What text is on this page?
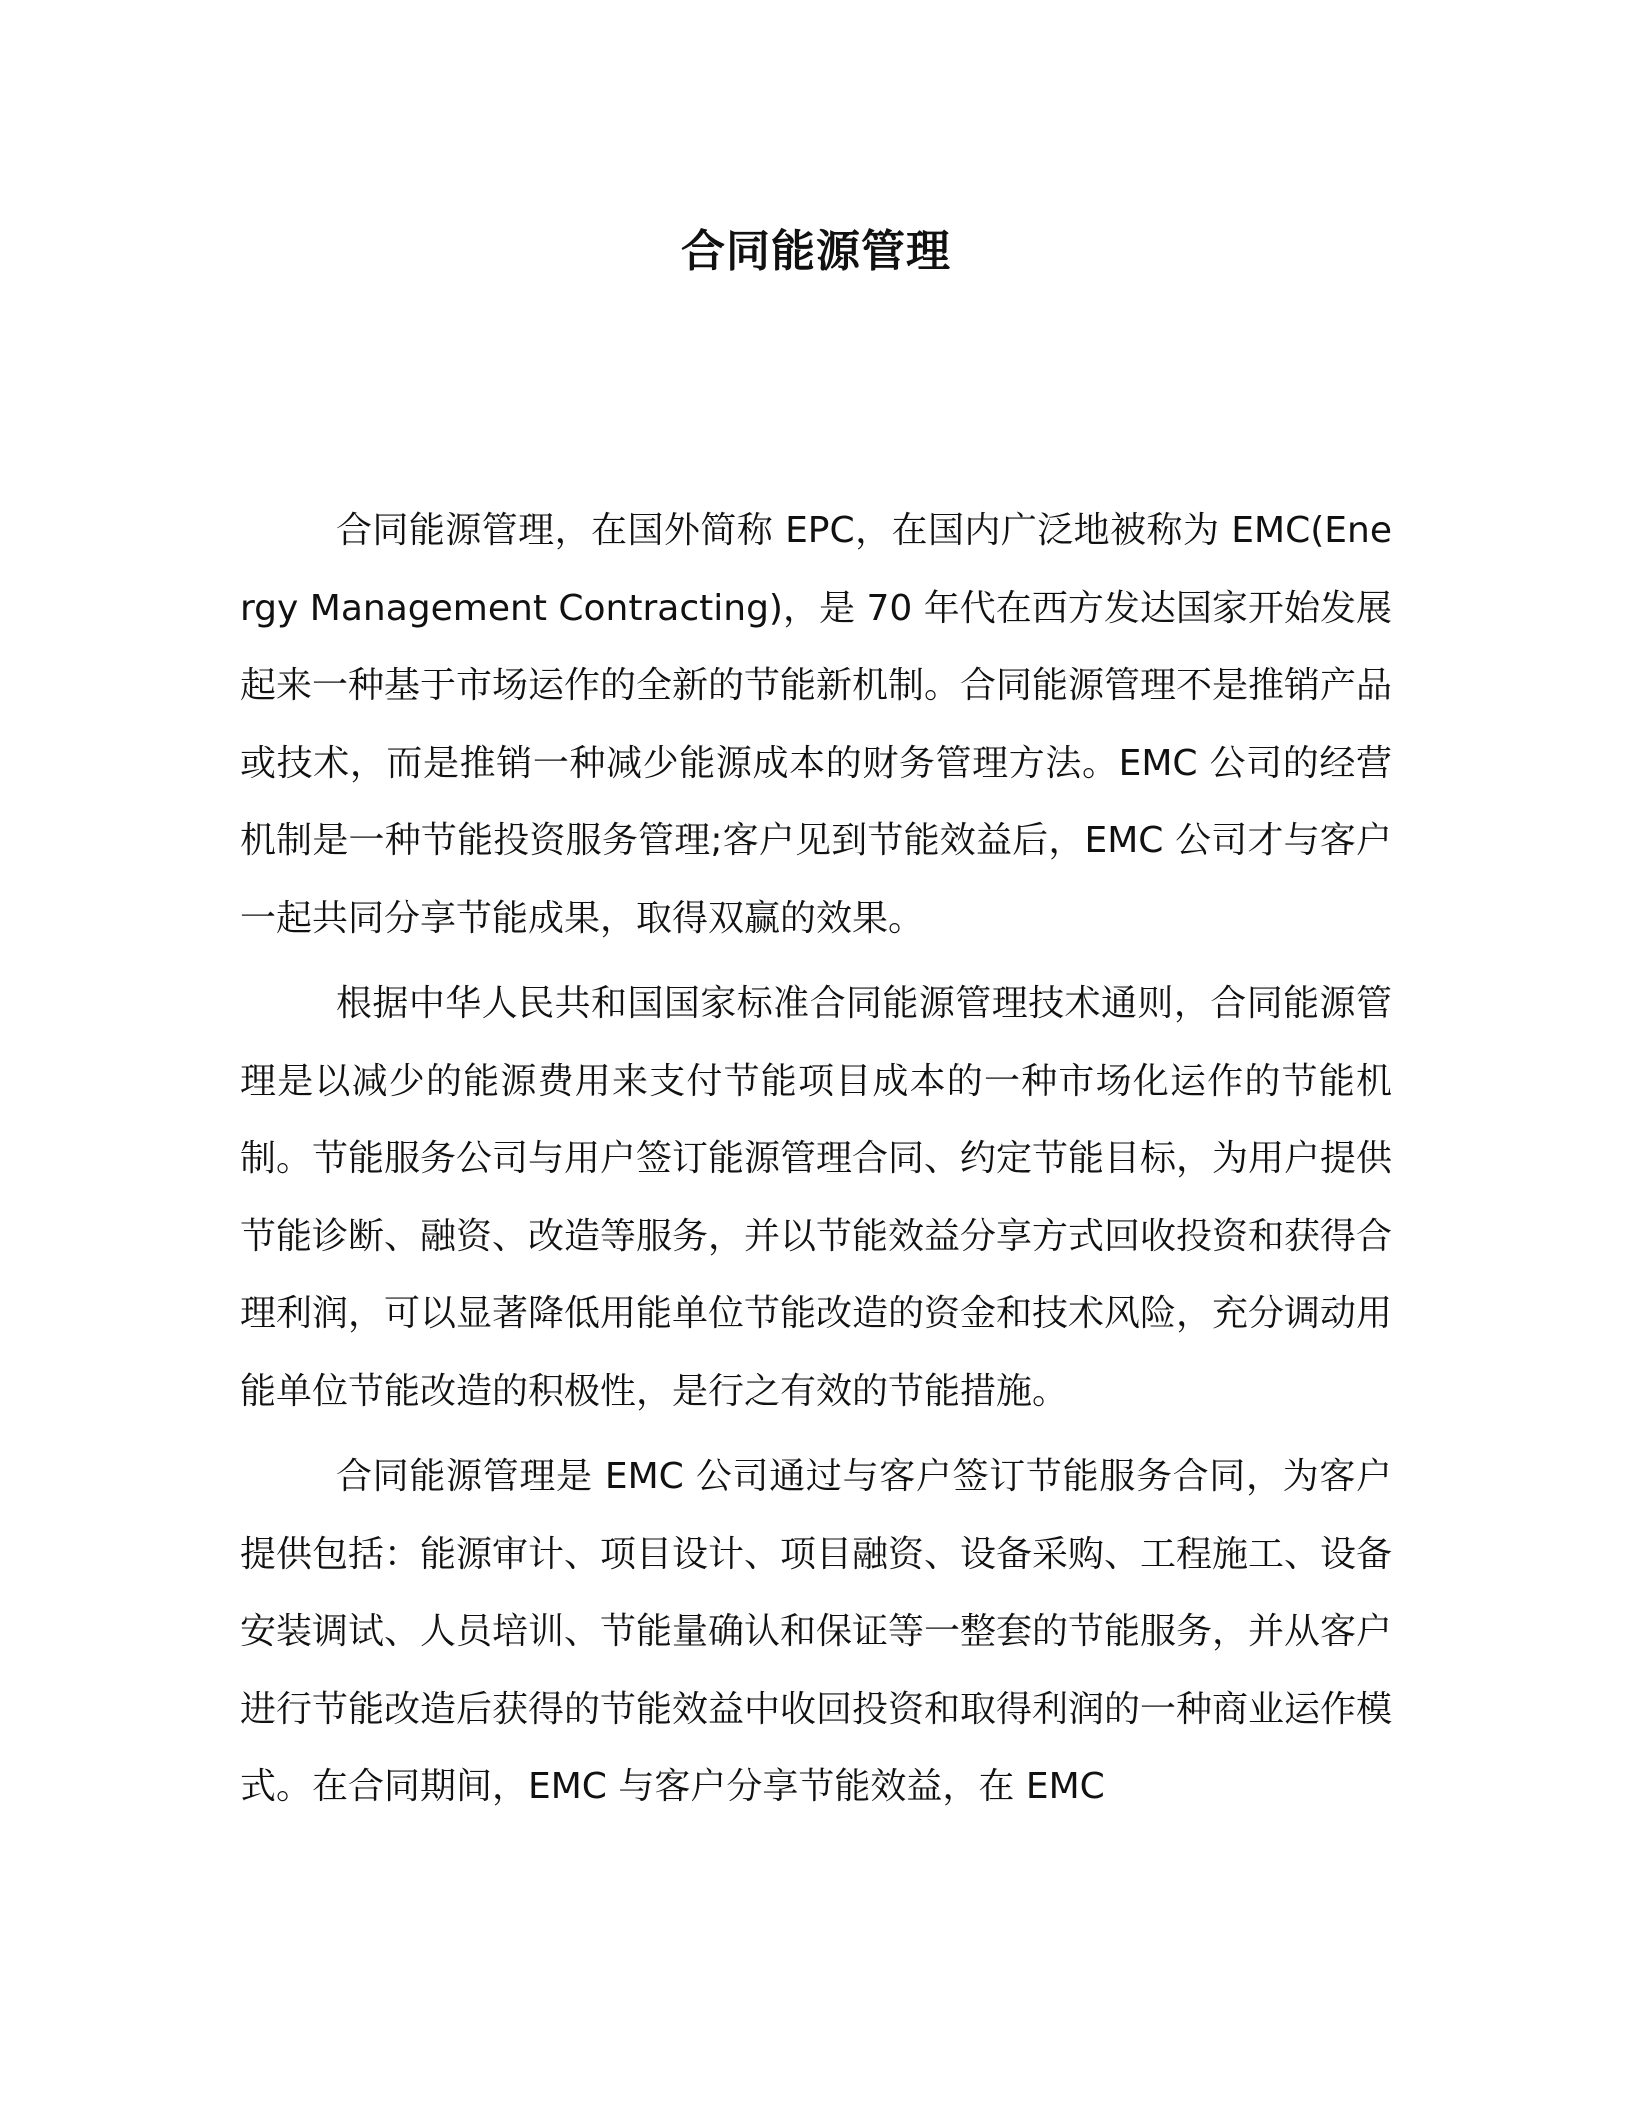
合同能源管理

合同能源管理，在国外简称 EPC，在国内广泛地被称为 EMC(Energy Management Contracting)，是 70 年代在西方发达国家开始发展起来一种基于市场运作的全新的节能新机制。合同能源管理不是推销产品或技术，而是推销一种减少能源成本的财务管理方法。EMC 公司的经营机制是一种节能投资服务管理;客户见到节能效益后，EMC 公司才与客户一起共同分享节能成果，取得双赢的效果。

根据中华人民共和国国家标准合同能源管理技术通则，合同能源管理是以减少的能源费用来支付节能项目成本的一种市场化运作的节能机制。节能服务公司与用户签订能源管理合同、约定节能目标，为用户提供节能诊断、融资、改造等服务，并以节能效益分享方式回收投资和获得合理利润，可以显著降低用能单位节能改造的资金和技术风险，充分调动用能单位节能改造的积极性，是行之有效的节能措施。

合同能源管理是 EMC 公司通过与客户签订节能服务合同，为客户提供包括：能源审计、项目设计、项目融资、设备采购、工程施工、设备安装调试、人员培训、节能量确认和保证等一整套的节能服务，并从客户进行节能改造后获得的节能效益中收回投资和取得利润的一种商业运作模式。在合同期间，EMC 与客户分享节能效益，在 EMC
